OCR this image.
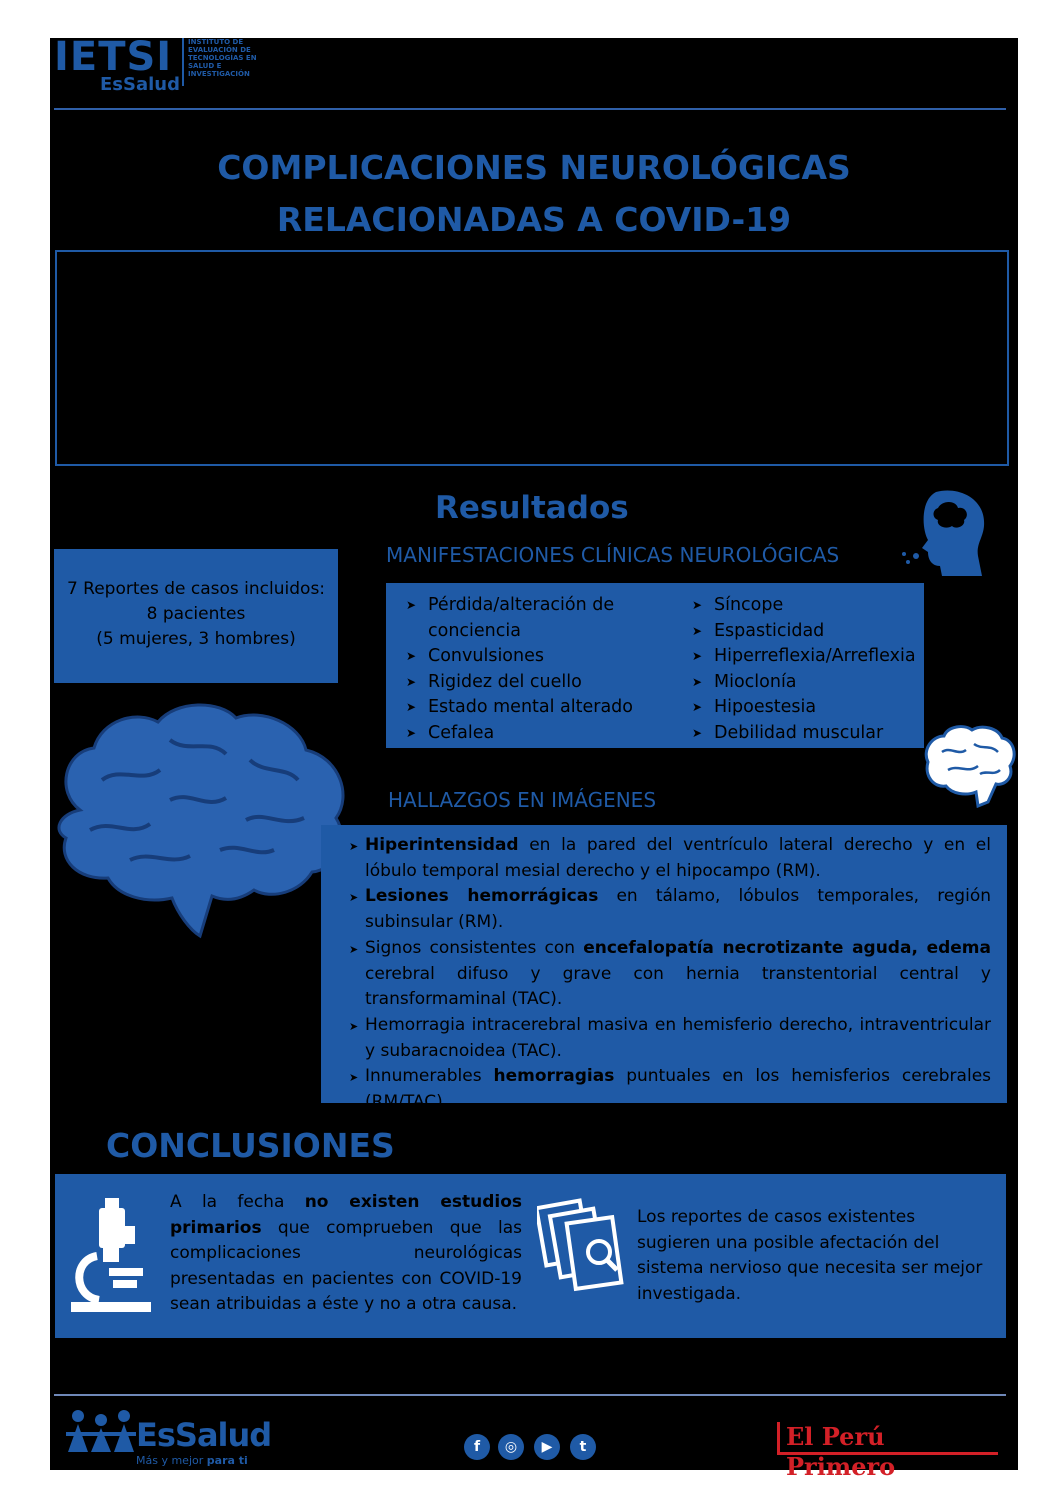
IETSI
EsSalud
INSTITUTO DE
EVALUACIÓN DE
TECNOLOGÍAS EN
SALUD E
INVESTIGACIÓN
COMPLICACIONES NEUROLÓGICAS
RELACIONADAS A COVID-19
Resultados
7 Reportes de casos incluidos:
8 pacientes
(5 mujeres, 3 hombres)
MANIFESTACIONES CLÍNICAS NEUROLÓGICAS
➤ Pérdida/alteración de conciencia
➤ Convulsiones
➤ Rigidez del cuello
➤ Estado mental alterado
➤ Cefalea
➤ Síncope
➤ Espasticidad
➤ Hiperreflexia/Arreflexia
➤ Mioclonía
➤ Hipoestesia
➤ Debilidad muscular
HALLAZGOS EN IMÁGENES
➤ Hiperintensidad en la pared del ventrículo lateral derecho y en el lóbulo temporal mesial derecho y el hipocampo (RM).
➤ Lesiones hemorrágicas en tálamo, lóbulos temporales, región subinsular (RM).
➤ Signos consistentes con encefalopatía necrotizante aguda, edema cerebral difuso y grave con hernia transtentorial central y transformaminal (TAC).
➤ Hemorragia intracerebral masiva en hemisferio derecho, intraventricular y subaracnoidea (TAC).
➤ Innumerables hemorragias puntuales en los hemisferios cerebrales (RM/TAC).
CONCLUSIONES
A la fecha no existen estudios primarios que comprueben que las complicaciones neurológicas presentadas en pacientes con COVID-19 sean atribuidas a éste y no a otra causa.
Los reportes de casos existentes sugieren una posible afectación del sistema nervioso que necesita ser mejor investigada.
EsSalud
Más y mejor para ti
f	◎	▶	t	El Perú Primero
